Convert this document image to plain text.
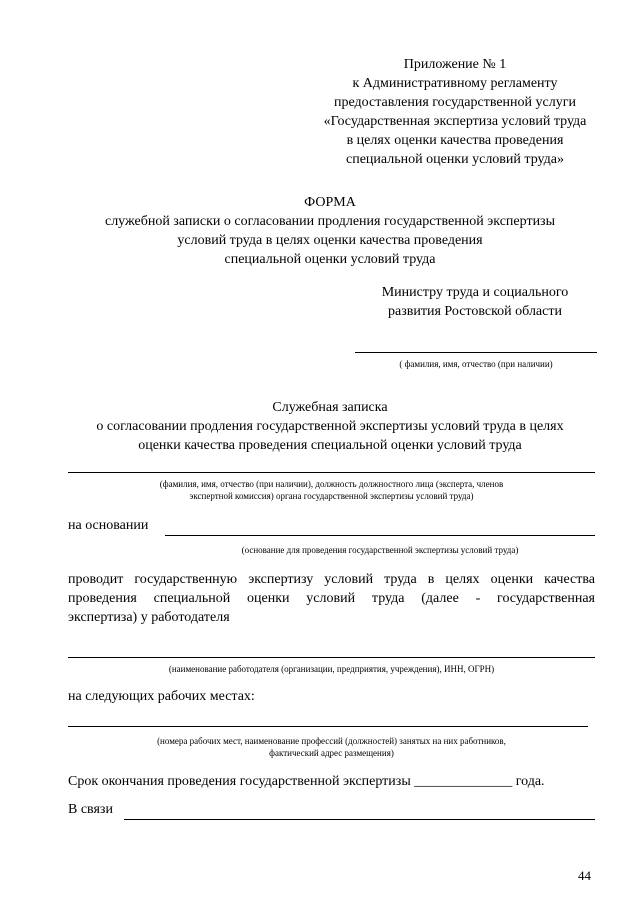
Приложение № 1
к Административному регламенту
предоставления государственной услуги
«Государственная экспертиза условий труда
в целях оценки качества проведения
специальной оценки условий труда»
ФОРМА
служебной записки о согласовании продления государственной экспертизы
условий труда в целях оценки качества проведения
специальной оценки условий труда
Министру труда и социального
развития Ростовской области
( фамилия, имя, отчество (при наличии)
Служебная записка
о согласовании продления государственной экспертизы условий труда в целях
оценки качества проведения специальной оценки условий труда
(фамилия, имя, отчество (при наличии), должность должностного лица (эксперта, членов
экспертной комиссия) органа государственной экспертизы условий труда)
на основании
(основание для проведения государственной экспертизы условий труда)
проводит государственную экспертизу условий труда в целях оценки качества
проведения специальной оценки условий труда (далее - государственная
экспертиза) у работодателя
(наименование работодателя (организации, предприятия, учреждения), ИНН, ОГРН)
на следующих рабочих местах:
(номера рабочих мест, наименование профессий (должностей) занятых на них работников,
фактический адрес размещения)
Срок окончания проведения государственной экспертизы ______________ года.
В связи
44
